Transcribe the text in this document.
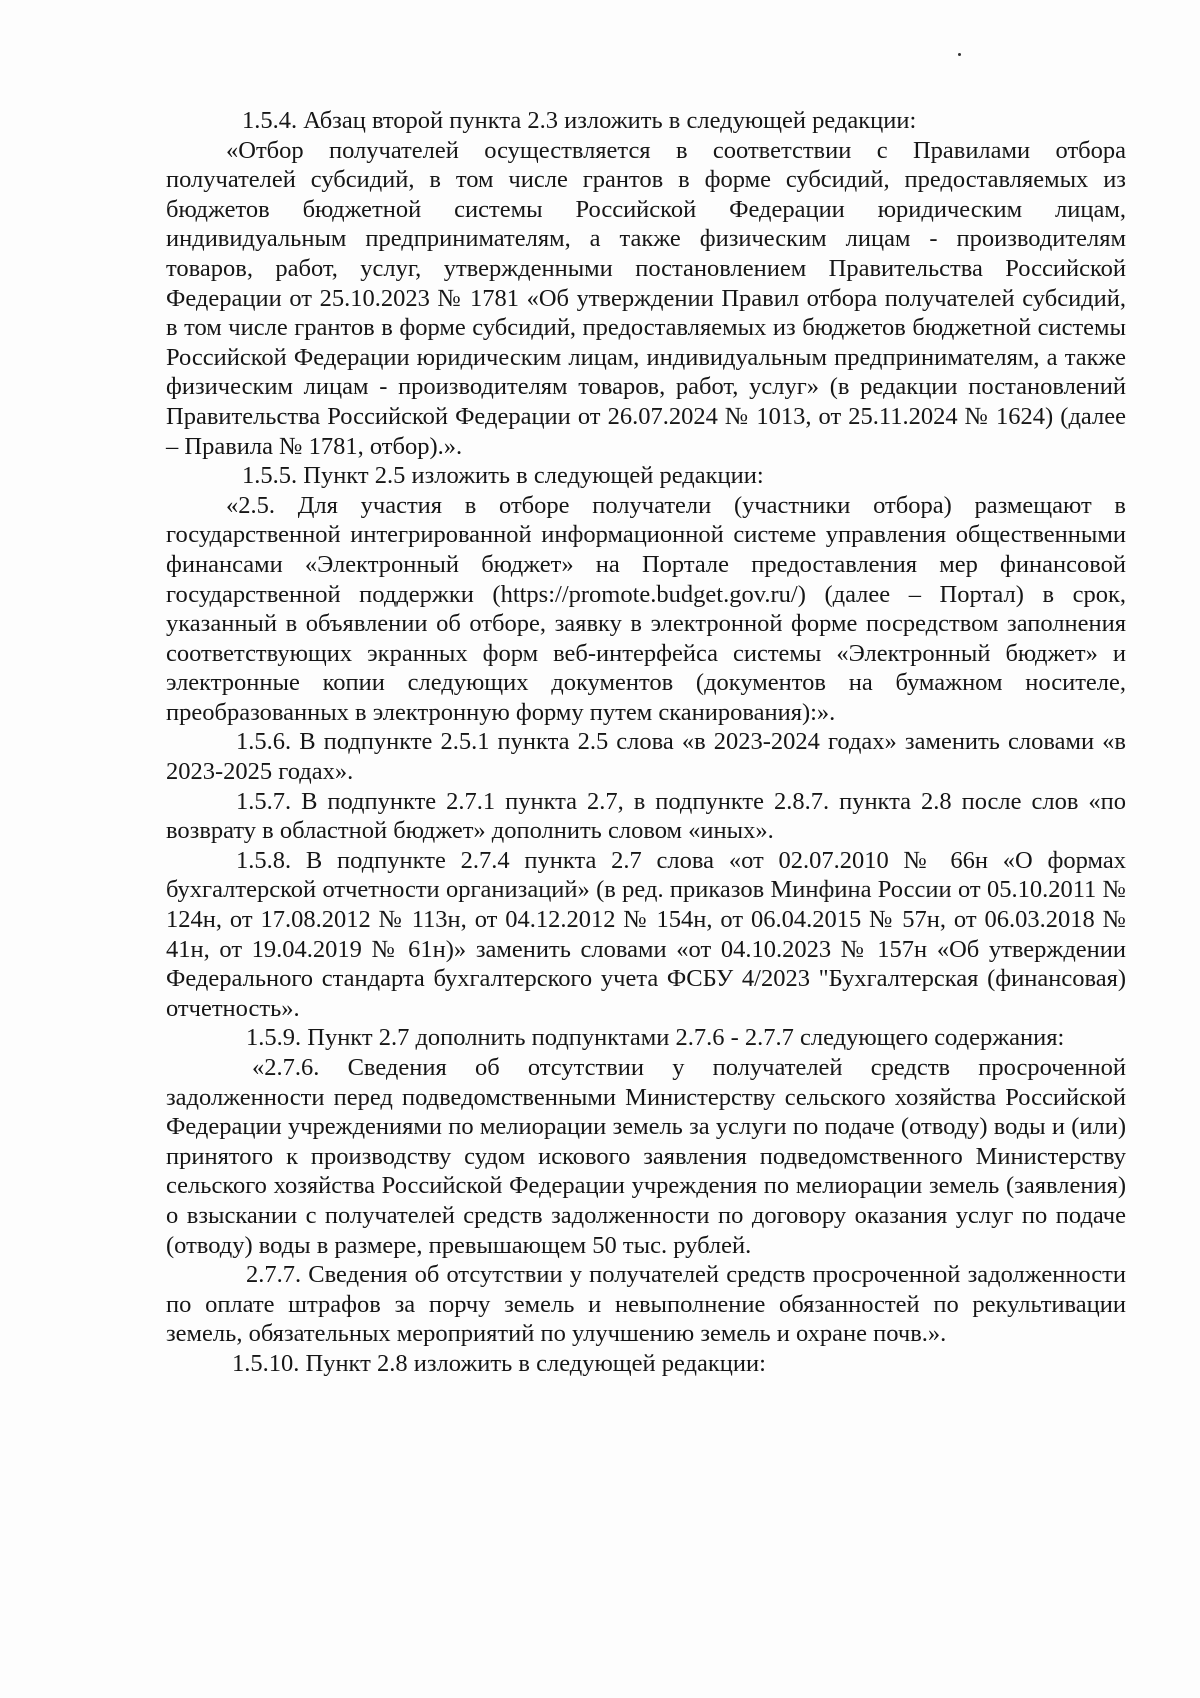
1.5.4. Абзац второй пункта 2.3 изложить в следующей редакции:

«Отбор получателей осуществляется в соответствии с Правилами отбора получателей субсидий, в том числе грантов в форме субсидий, предоставляемых из бюджетов бюджетной системы Российской Федерации юридическим лицам, индивидуальным предпринимателям, а также физическим лицам - производителям товаров, работ, услуг, утвержденными постановлением Правительства Российской Федерации от 25.10.2023 № 1781 «Об утверждении Правил отбора получателей субсидий, в том числе грантов в форме субсидий, предоставляемых из бюджетов бюджетной системы Российской Федерации юридическим лицам, индивидуальным предпринимателям, а также физическим лицам - производителям товаров, работ, услуг» (в редакции постановлений Правительства Российской Федерации от 26.07.2024 № 1013, от 25.11.2024 № 1624) (далее – Правила № 1781, отбор).».

1.5.5. Пункт 2.5 изложить в следующей редакции:

«2.5. Для участия в отборе получатели (участники отбора) размещают в государственной интегрированной информационной системе управления общественными финансами «Электронный бюджет» на Портале предоставления мер финансовой государственной поддержки (https://promote.budget.gov.ru/) (далее – Портал) в срок, указанный в объявлении об отборе, заявку в электронной форме посредством заполнения соответствующих экранных форм веб-интерфейса системы «Электронный бюджет» и электронные копии следующих документов (документов на бумажном носителе, преобразованных в электронную форму путем сканирования):».

1.5.6. В подпункте 2.5.1 пункта 2.5 слова «в 2023-2024 годах» заменить словами «в 2023-2025 годах».

1.5.7. В подпункте 2.7.1 пункта 2.7, в подпункте 2.8.7. пункта 2.8 после слов «по возврату в областной бюджет» дополнить словом «иных».

1.5.8. В подпункте 2.7.4 пункта 2.7 слова «от 02.07.2010 № 66н «О формах бухгалтерской отчетности организаций» (в ред. приказов Минфина России от 05.10.2011 № 124н, от 17.08.2012 № 113н, от 04.12.2012 № 154н, от 06.04.2015 № 57н, от 06.03.2018 № 41н, от 19.04.2019 № 61н)» заменить словами «от 04.10.2023 № 157н «Об утверждении Федерального стандарта бухгалтерского учета ФСБУ 4/2023 "Бухгалтерская (финансовая) отчетность».

1.5.9. Пункт 2.7 дополнить подпунктами 2.7.6 - 2.7.7 следующего содержания:

«2.7.6. Сведения об отсутствии у получателей средств просроченной задолженности перед подведомственными Министерству сельского хозяйства Российской Федерации учреждениями по мелиорации земель за услуги по подаче (отводу) воды и (или) принятого к производству судом искового заявления подведомственного Министерству сельского хозяйства Российской Федерации учреждения по мелиорации земель (заявления) о взыскании с получателей средств задолженности по договору оказания услуг по подаче (отводу) воды в размере, превышающем 50 тыс. рублей.

2.7.7. Сведения об отсутствии у получателей средств просроченной задолженности по оплате штрафов за порчу земель и невыполнение обязанностей по рекультивации земель, обязательных мероприятий по улучшению земель и охране почв.».

1.5.10. Пункт 2.8 изложить в следующей редакции:
